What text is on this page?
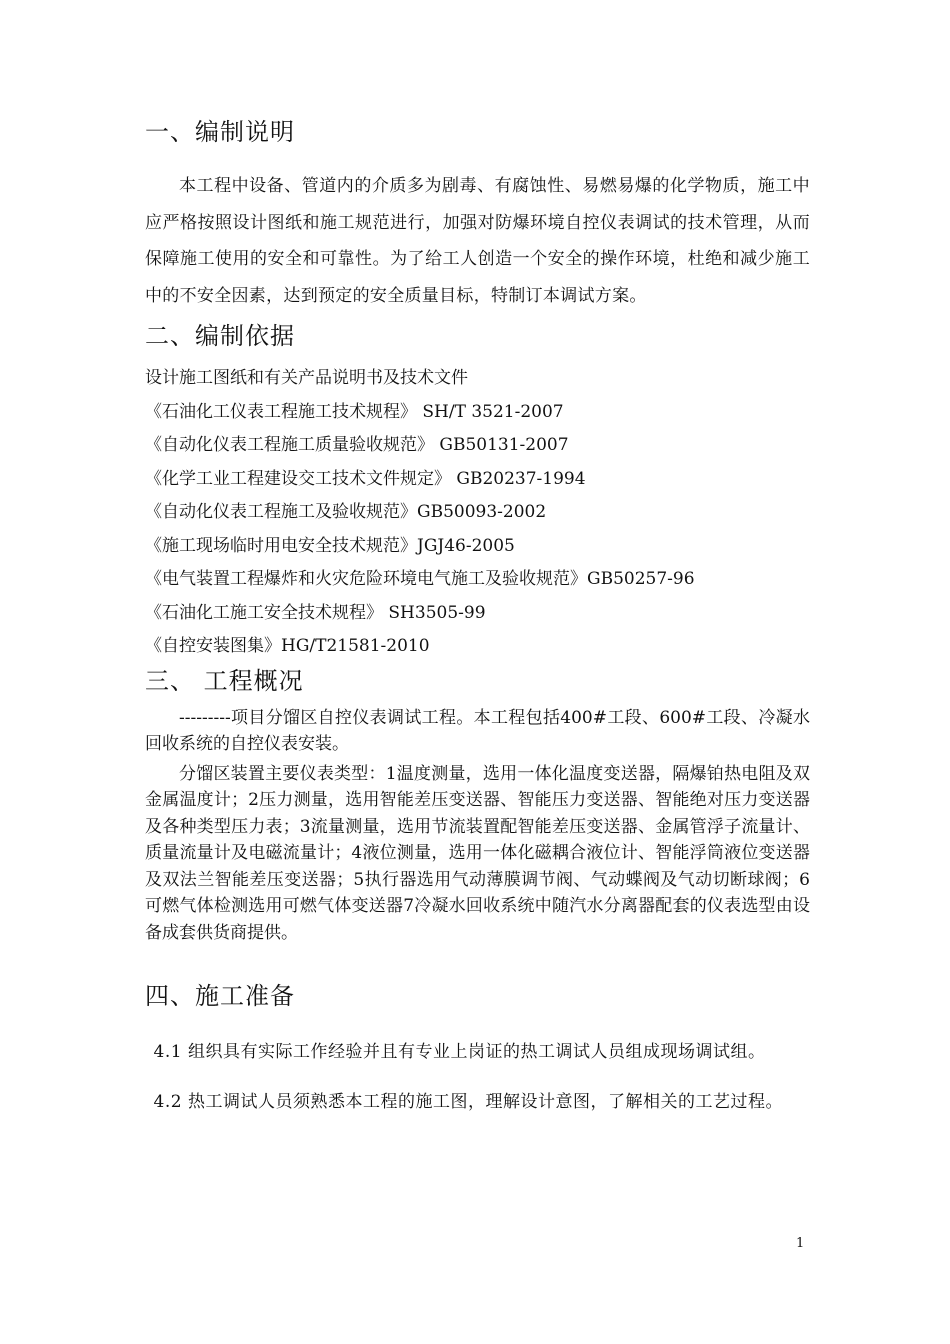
一、编制说明

本工程中设备、管道内的介质多为剧毒、有腐蚀性、易燃易爆的化学物质，施工中应严格按照设计图纸和施工规范进行，加强对防爆环境自控仪表调试的技术管理，从而保障施工使用的安全和可靠性。为了给工人创造一个安全的操作环境，杜绝和减少施工中的不安全因素，达到预定的安全质量目标，特制订本调试方案。

二、编制依据
设计施工图纸和有关产品说明书及技术文件
《石油化工仪表工程施工技术规程》 SH/T 3521-2007
《自动化仪表工程施工质量验收规范》 GB50131-2007
《化学工业工程建设交工技术文件规定》 GB20237-1994
《自动化仪表工程施工及验收规范》GB50093-2002
《施工现场临时用电安全技术规范》JGJ46-2005
《电气装置工程爆炸和火灾危险环境电气施工及验收规范》GB50257-96
《石油化工施工安全技术规程》 SH3505-99
《自控安装图集》HG/T21581-2010
三、 工程概况

---------项目分馏区自控仪表调试工程。本工程包括400#工段、600#工段、冷凝水回收系统的自控仪表安装。

分馏区装置主要仪表类型：1温度测量，选用一体化温度变送器，隔爆铂热电阻及双金属温度计；2压力测量，选用智能差压变送器、智能压力变送器、智能绝对压力变送器及各种类型压力表；3流量测量，选用节流装置配智能差压变送器、金属管浮子流量计、质量流量计及电磁流量计；4液位测量，选用一体化磁耦合液位计、智能浮筒液位变送器及双法兰智能差压变送器；5执行器选用气动薄膜调节阀、气动蝶阀及气动切断球阀；6可燃气体检测选用可燃气体变送器7冷凝水回收系统中随汽水分离器配套的仪表选型由设备成套供货商提供。

四、施工准备

4.1 组织具有实际工作经验并且有专业上岗证的热工调试人员组成现场调试组。

4.2 热工调试人员须熟悉本工程的施工图，理解设计意图，了解相关的工艺过程。

1
